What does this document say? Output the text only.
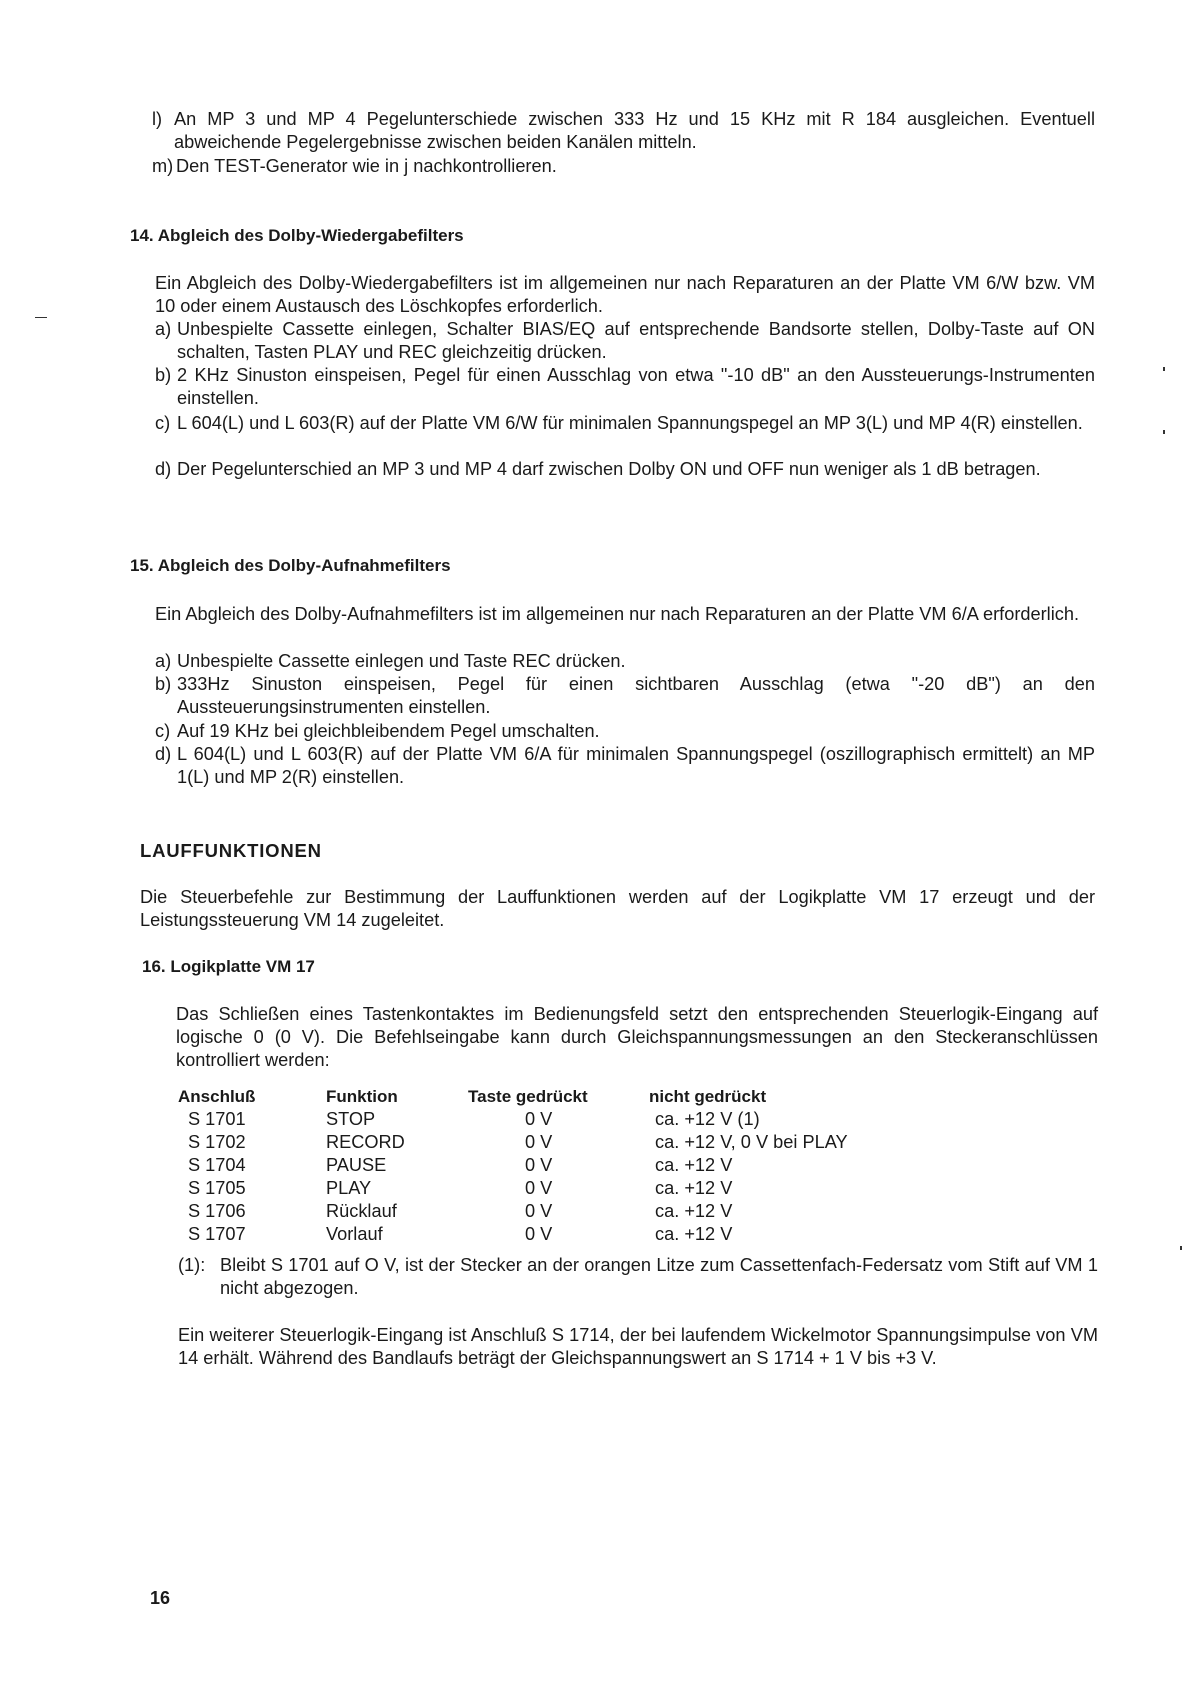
l) An MP 3 und MP 4 Pegelunterschiede zwischen 333 Hz und 15 KHz mit R 184 ausgleichen. Eventuell abweichende Pegelergebnisse zwischen beiden Kanälen mitteln.
m) Den TEST-Generator wie in j nachkontrollieren.
14. Abgleich des Dolby-Wiedergabefilters
Ein Abgleich des Dolby-Wiedergabefilters ist im allgemeinen nur nach Reparaturen an der Platte VM 6/W bzw. VM 10 oder einem Austausch des Löschkopfes erforderlich.
a) Unbespielte Cassette einlegen, Schalter BIAS/EQ auf entsprechende Bandsorte stellen, Dolby-Taste auf ON schalten, Tasten PLAY und REC gleichzeitig drücken.
b) 2 KHz Sinuston einspeisen, Pegel für einen Ausschlag von etwa "-10 dB" an den Aussteuerungs-Instrumenten einstellen.
c) L 604(L) und L 603(R) auf der Platte VM 6/W für minimalen Spannungspegel an MP 3(L) und MP 4(R) einstellen.
d) Der Pegelunterschied an MP 3 und MP 4 darf zwischen Dolby ON und OFF nun weniger als 1 dB betragen.
15. Abgleich des Dolby-Aufnahmefilters
Ein Abgleich des Dolby-Aufnahmefilters ist im allgemeinen nur nach Reparaturen an der Platte VM 6/A erforderlich.
a) Unbespielte Cassette einlegen und Taste REC drücken.
b) 333Hz Sinuston einspeisen, Pegel für einen sichtbaren Ausschlag (etwa "-20 dB") an den Aussteuerungsinstrumenten einstellen.
c) Auf 19 KHz bei gleichbleibendem Pegel umschalten.
d) L 604(L) und L 603(R) auf der Platte VM 6/A für minimalen Spannungspegel (oszillographisch ermittelt) an MP 1(L) und MP 2(R) einstellen.
LAUFFUNKTIONEN
Die Steuerbefehle zur Bestimmung der Lauffunktionen werden auf der Logikplatte VM 17 erzeugt und der Leistungssteuerung VM 14 zugeleitet.
16. Logikplatte VM 17
Das Schließen eines Tastenkontaktes im Bedienungsfeld setzt den entsprechenden Steuerlogik-Eingang auf logische 0 (0 V). Die Befehlseingabe kann durch Gleichspannungsmessungen an den Steckeranschlüssen kontrolliert werden:
Anschluß	Funktion	Taste gedrückt	nicht gedrückt
S 1701	STOP	0 V	ca. +12 V (1)
S 1702	RECORD	0 V	ca. +12 V, 0 V bei PLAY
S 1704	PAUSE	0 V	ca. +12 V
S 1705	PLAY	0 V	ca. +12 V
S 1706	Rücklauf	0 V	ca. +12 V
S 1707	Vorlauf	0 V	ca. +12 V
(1): Bleibt S 1701 auf O V, ist der Stecker an der orangen Litze zum Cassettenfach-Federsatz vom Stift auf VM 1 nicht abgezogen.
Ein weiterer Steuerlogik-Eingang ist Anschluß S 1714, der bei laufendem Wickelmotor Spannungsimpulse von VM 14 erhält. Während des Bandlaufs beträgt der Gleichspannungswert an S 1714 + 1 V bis +3 V.
16
